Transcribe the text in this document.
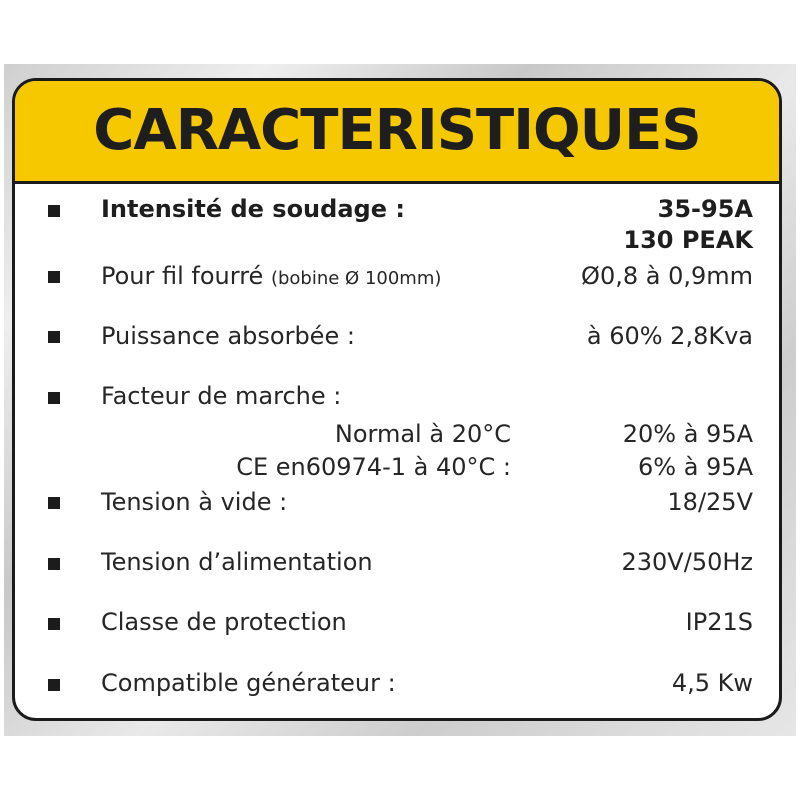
CARACTERISTIQUES
Intensité de soudage :	35-95A
130 PEAK
Pour fil fourré (bobine Ø 100mm)	Ø0,8 à 0,9mm
Puissance absorbée :	à 60% 2,8Kva
Facteur de marche :
Normal à 20°C	20% à 95A
CE en60974-1 à 40°C :	6% à 95A
Tension à vide :	18/25V
Tension d’alimentation	230V/50Hz
Classe de protection	IP21S
Compatible générateur :	4,5 Kw
